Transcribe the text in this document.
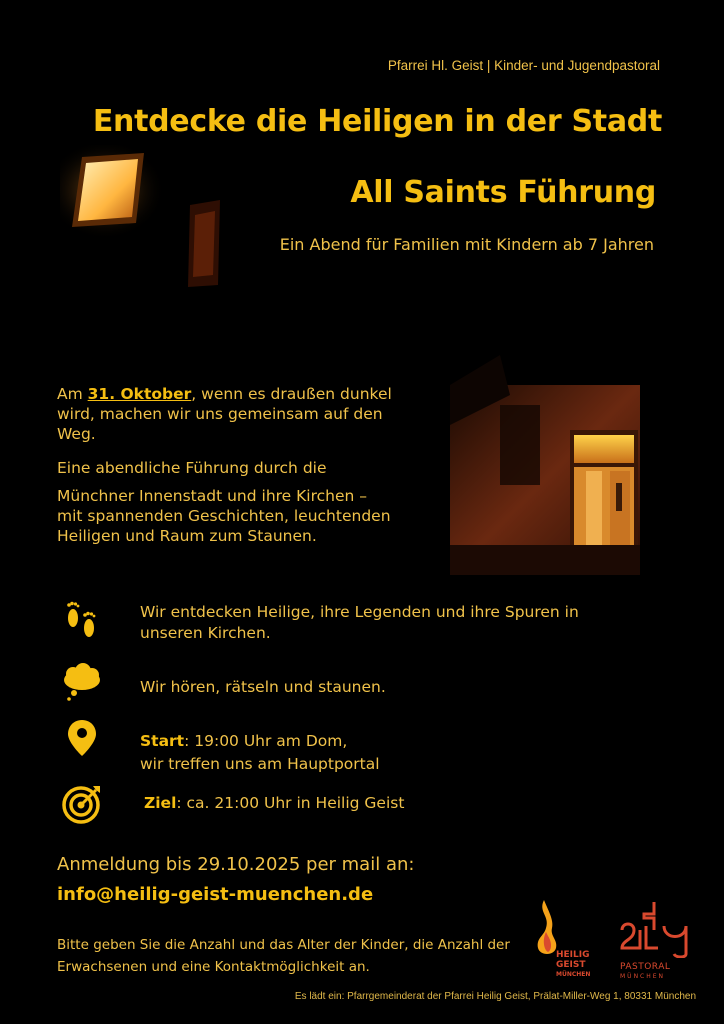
Pfarrei Hl. Geist | Kinder- und Jugendpastoral
Entdecke die Heiligen in der Stadt
All Saints Führung
Ein Abend für Familien mit Kindern ab 7 Jahren
Am 31. Oktober, wenn es draußen dunkel wird, machen wir uns gemeinsam auf den Weg.
Eine abendliche Führung durch die
Münchner Innenstadt und ihre Kirchen – mit spannenden Geschichten, leuchtenden Heiligen und Raum zum Staunen.
Wir entdecken Heilige, ihre Legenden und ihre Spuren in
unseren Kirchen.
Wir hören, rätseln und staunen.
Start: 19:00 Uhr am Dom,
wir treffen uns am Hauptportal
Ziel: ca. 21:00 Uhr in Heilig Geist
Anmeldung bis 29.10.2025 per mail an:
info@heilig-geist-muenchen.de
Bitte geben Sie die Anzahl und das Alter der Kinder, die Anzahl der Erwachsenen und eine Kontaktmöglichkeit an.
HEILIG
GEIST
MÜNCHEN
PASTORAL
MÜNCHEN
Es lädt ein: Pfarrgemeinderat der Pfarrei Heilig Geist, Prälat-Miller-Weg 1, 80331 München
